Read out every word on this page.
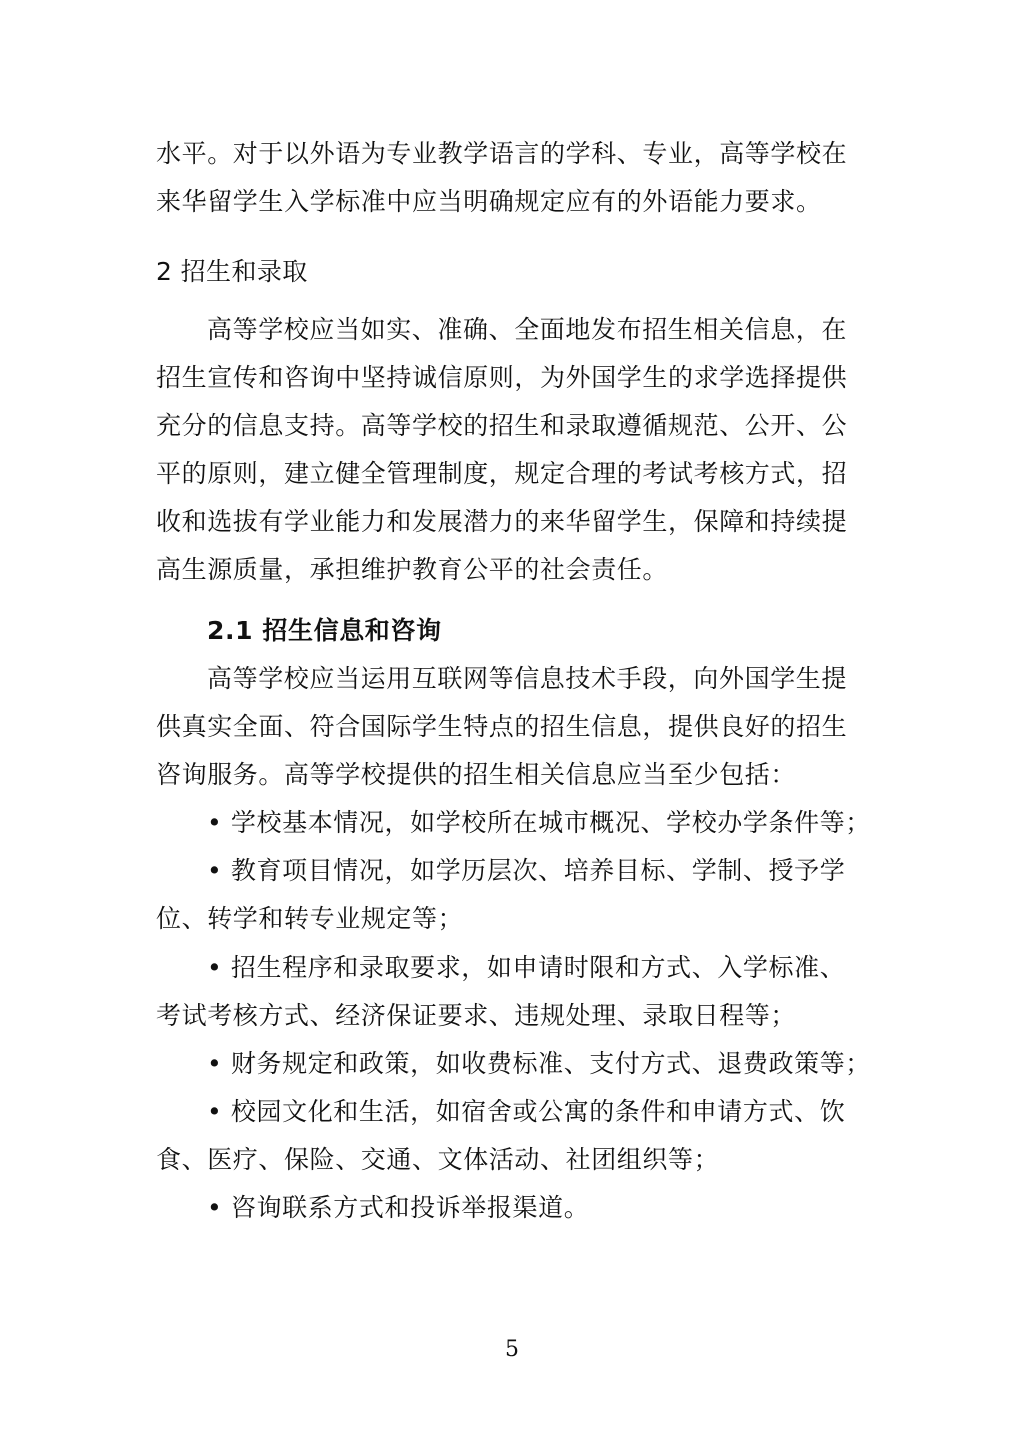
水平。对于以外语为专业教学语言的学科、专业，高等学校在
来华留学生入学标准中应当明确规定应有的外语能力要求。
2 招生和录取
高等学校应当如实、准确、全面地发布招生相关信息，在
招生宣传和咨询中坚持诚信原则，为外国学生的求学选择提供
充分的信息支持。高等学校的招生和录取遵循规范、公开、公
平的原则，建立健全管理制度，规定合理的考试考核方式，招
收和选拔有学业能力和发展潜力的来华留学生，保障和持续提
高生源质量，承担维护教育公平的社会责任。
2.1 招生信息和咨询
高等学校应当运用互联网等信息技术手段，向外国学生提
供真实全面、符合国际学生特点的招生信息，提供良好的招生
咨询服务。高等学校提供的招生相关信息应当至少包括：
• 学校基本情况，如学校所在城市概况、学校办学条件等；
• 教育项目情况，如学历层次、培养目标、学制、授予学
位、转学和转专业规定等；
• 招生程序和录取要求，如申请时限和方式、入学标准、
考试考核方式、经济保证要求、违规处理、录取日程等；
• 财务规定和政策，如收费标准、支付方式、退费政策等；
• 校园文化和生活，如宿舍或公寓的条件和申请方式、饮
食、医疗、保险、交通、文体活动、社团组织等；
• 咨询联系方式和投诉举报渠道。
5
